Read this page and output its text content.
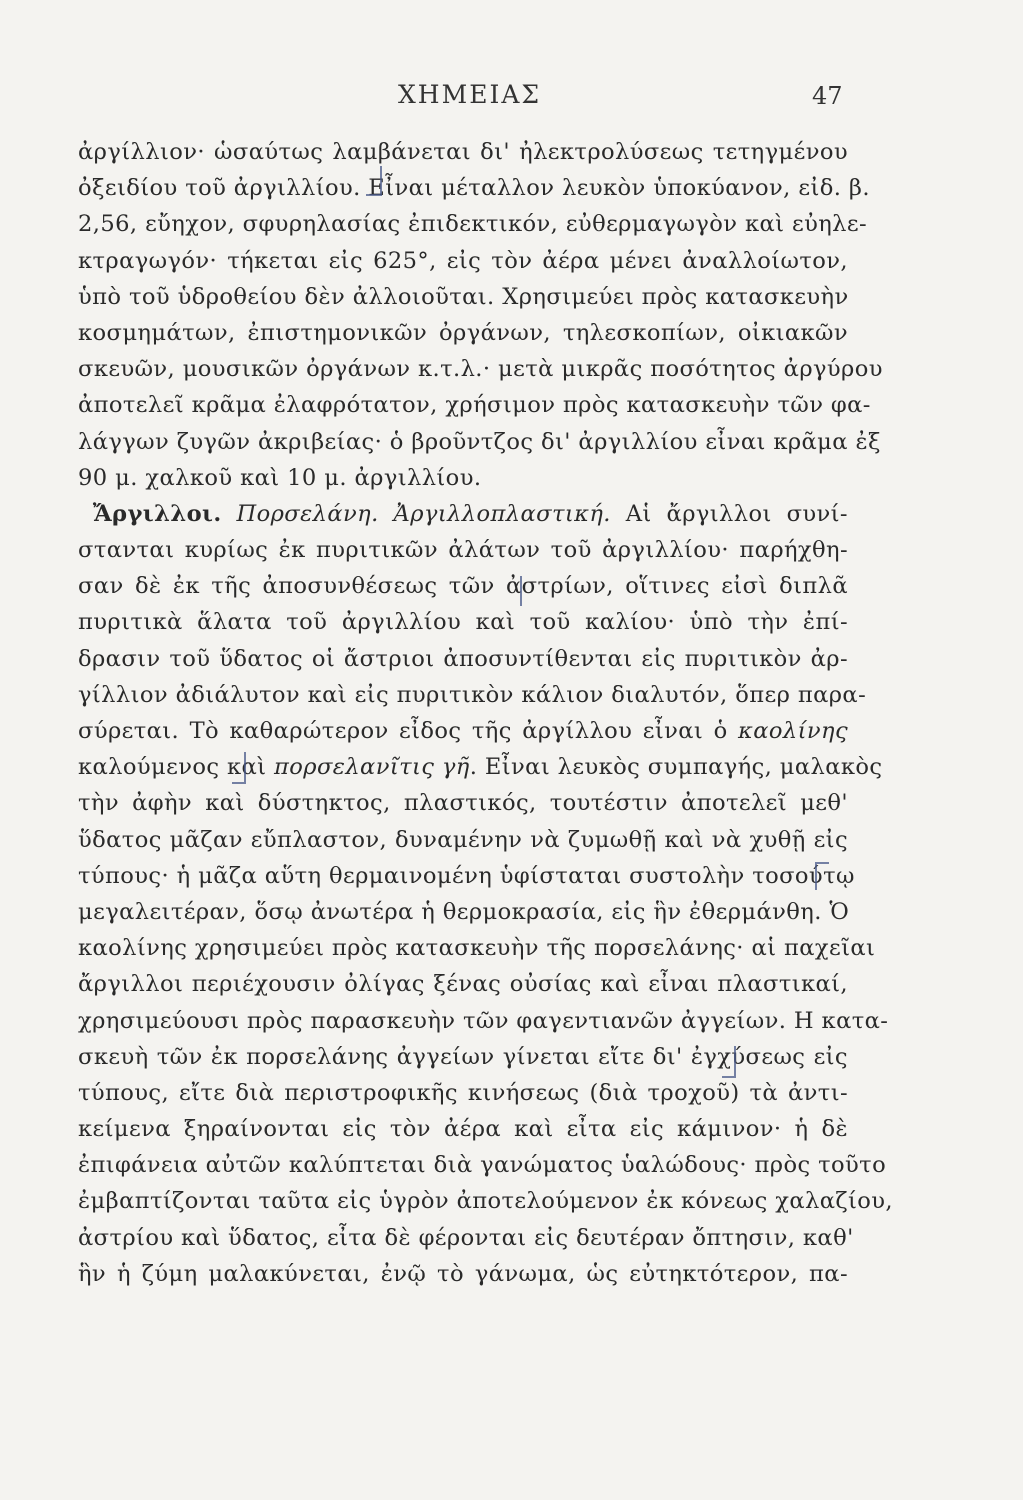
ΧΗΜΕΙΑΣ	47
ἀργίλλιον· ὡσαύτως λαμβάνεται δι' ἠλεκτρολύσεως τετηγμένου
ὀξειδίου τοῦ ἀργιλλίου. Εἶναι μέταλλον λευκὸν ὑποκύανον, εἰδ. β.
2,56, εὔηχον, σφυρηλασίας ἐπιδεκτικόν, εὐθερμαγωγὸν καὶ εὐηλε-
κτραγωγόν· τήκεται εἰς 625°, εἰς τὸν ἀέρα μένει ἀναλλοίωτον,
ὑπὸ τοῦ ὑδροθείου δὲν ἀλλοιοῦται. Χρησιμεύει πρὸς κατασκευὴν
κοσμημάτων, ἐπιστημονικῶν ὀργάνων, τηλεσκοπίων, οἰκιακῶν
σκευῶν, μουσικῶν ὀργάνων κ.τ.λ.· μετὰ μικρᾶς ποσότητος ἀργύρου
ἀποτελεῖ κρᾶμα ἐλαφρότατον, χρήσιμον πρὸς κατασκευὴν τῶν φα-
λάγγων ζυγῶν ἀκριβείας· ὁ βροῦντζος δι' ἀργιλλίου εἶναι κρᾶμα ἐξ
90 μ. χαλκοῦ καὶ 10 μ. ἀργιλλίου.
Ἄργιλλοι. Πορσελάνη. Ἀργιλλοπλαστική. Αἱ ἄργιλλοι συνί-
στανται κυρίως ἐκ πυριτικῶν ἀλάτων τοῦ ἀργιλλίου· παρήχθη-
σαν δὲ ἐκ τῆς ἀποσυνθέσεως τῶν ἀστρίων, οἵτινες εἰσὶ διπλᾶ
πυριτικὰ ἅλατα τοῦ ἀργιλλίου καὶ τοῦ καλίου· ὑπὸ τὴν ἐπί-
δρασιν τοῦ ὕδατος οἱ ἄστριοι ἀποσυντίθενται εἰς πυριτικὸν ἀρ-
γίλλιον ἀδιάλυτον καὶ εἰς πυριτικὸν κάλιον διαλυτόν, ὅπερ παρα-
σύρεται. Τὸ καθαρώτερον εἶδος τῆς ἀργίλλου εἶναι ὁ καολίνης
καλούμενος καὶ πορσελανῖτις γῆ. Εἶναι λευκὸς συμπαγής, μαλακὸς
τὴν ἀφὴν καὶ δύστηκτος, πλαστικός, τουτέστιν ἀποτελεῖ μεθ'
ὕδατος μᾶζαν εὔπλαστον, δυναμένην νὰ ζυμωθῇ καὶ νὰ χυθῇ εἰς
τύπους· ἡ μᾶζα αὕτη θερμαινομένη ὑφίσταται συστολὴν τοσούτῳ
μεγαλειτέραν, ὅσῳ ἀνωτέρα ἡ θερμοκρασία, εἰς ἣν ἐθερμάνθη. Ὁ
καολίνης χρησιμεύει πρὸς κατασκευὴν τῆς πορσελάνης· αἱ παχεῖαι
ἄργιλλοι περιέχουσιν ὀλίγας ξένας οὐσίας καὶ εἶναι πλαστικαί,
χρησιμεύουσι πρὸς παρασκευὴν τῶν φαγεντιανῶν ἀγγείων. Η κατα-
σκευὴ τῶν ἐκ πορσελάνης ἀγγείων γίνεται εἴτε δι' ἐγχύσεως εἰς
τύπους, εἴτε διὰ περιστροφικῆς κινήσεως (διὰ τροχοῦ) τὰ ἀντι-
κείμενα ξηραίνονται εἰς τὸν ἀέρα καὶ εἶτα εἰς κάμινον· ἡ δὲ
ἐπιφάνεια αὐτῶν καλύπτεται διὰ γανώματος ὑαλώδους· πρὸς τοῦτο
ἐμβαπτίζονται ταῦτα εἰς ὑγρὸν ἀποτελούμενον ἐκ κόνεως χαλαζίου,
ἀστρίου καὶ ὕδατος, εἶτα δὲ φέρονται εἰς δευτέραν ὄπτησιν, καθ'
ἣν ἡ ζύμη μαλακύνεται, ἐνῷ τὸ γάνωμα, ὡς εὐτηκτότερον, πα-
